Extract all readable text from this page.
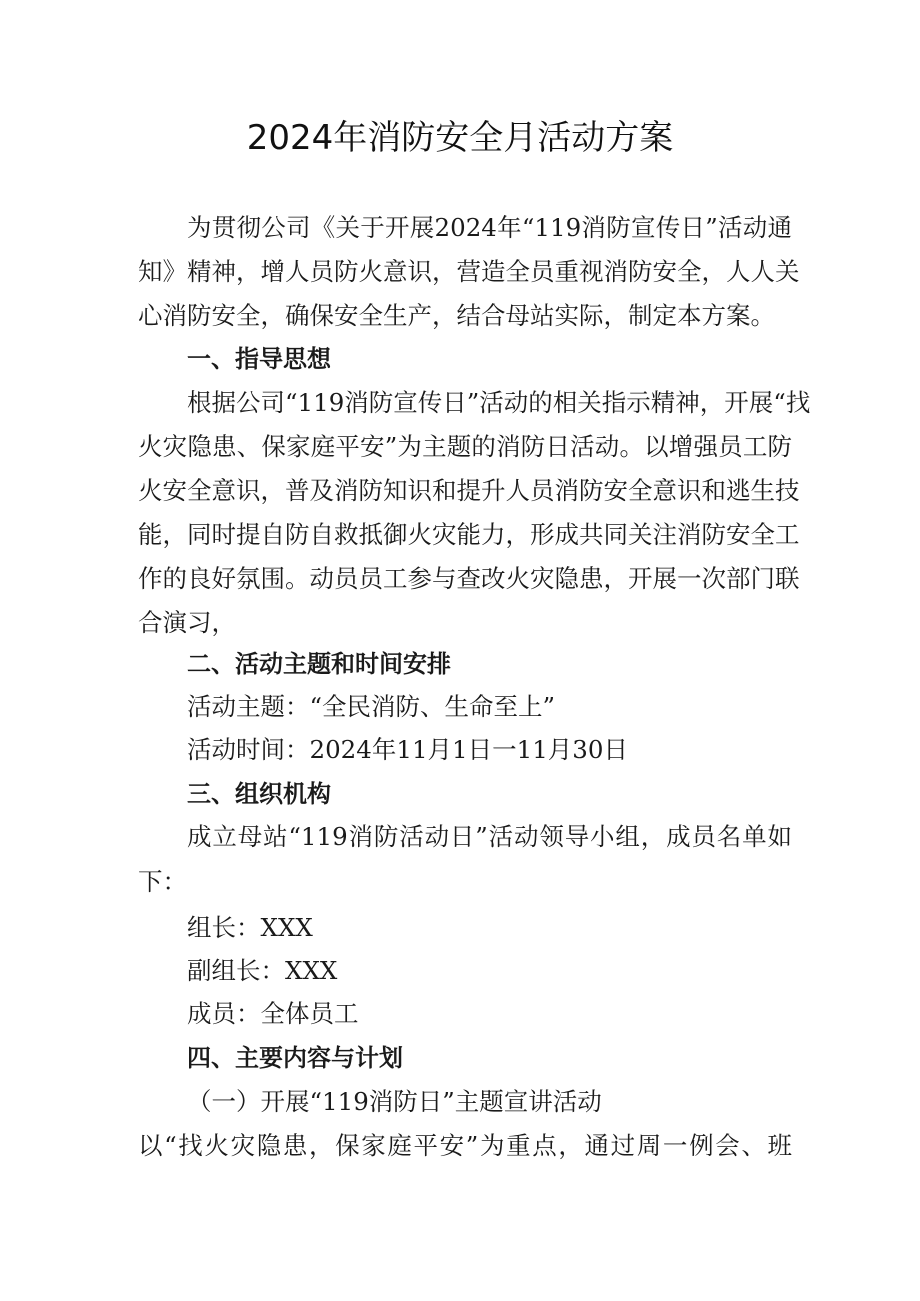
2024年消防安全月活动方案

为贯彻公司《关于开展2024年“119消防宣传日”活动通

知》精神，增人员防火意识，营造全员重视消防安全，人人关

心消防安全，确保安全生产，结合母站实际，制定本方案。

一、指导思想

根据公司“119消防宣传日”活动的相关指示精神，开展“找

火灾隐患、保家庭平安”为主题的消防日活动。以增强员工防

火安全意识，普及消防知识和提升人员消防安全意识和逃生技

能，同时提自防自救抵御火灾能力，形成共同关注消防安全工

作的良好氛围。动员员工参与查改火灾隐患，开展一次部门联

合演习，

二、活动主题和时间安排

活动主题：“全民消防、生命至上”

活动时间：2024年11月1日一11月30日

三、组织机构

成立母站“119消防活动日”活动领导小组，成员名单如

下：

组长：XXX

副组长：XXX

成员：全体员工

四、主要内容与计划

（一）开展“119消防日”主题宣讲活动

以“找火灾隐患，保家庭平安”为重点，通过周一例会、班
